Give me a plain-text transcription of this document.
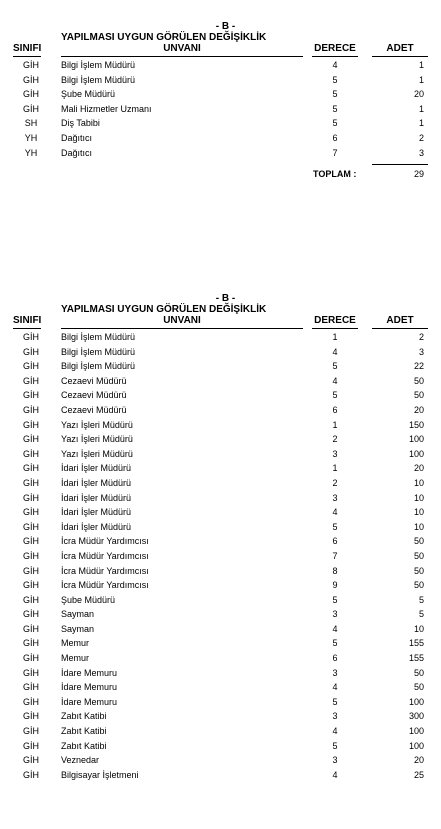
- B -
YAPILMASI UYGUN GÖRÜLEN DEĞİŞİKLİK
SINIFI	UNVANI	DERECE	ADET
GİH	Bilgi İşlem Müdürü	4	1
GİH	Bilgi İşlem Müdürü	5	1
GİH	Şube Müdürü	5	20
GİH	Mali Hizmetler Uzmanı	5	1
SH	Diş Tabibi	5	1
YH	Dağıtıcı	6	2
YH	Dağıtıcı	7	3
TOPLAM :	29
- B -
YAPILMASI UYGUN GÖRÜLEN DEĞİŞİKLİK
SINIFI	UNVANI	DERECE	ADET
GİH	Bilgi İşlem Müdürü	1	2
GİH	Bilgi İşlem Müdürü	4	3
GİH	Bilgi İşlem Müdürü	5	22
GİH	Cezaevi Müdürü	4	50
GİH	Cezaevi Müdürü	5	50
GİH	Cezaevi Müdürü	6	20
GİH	Yazı İşleri Müdürü	1	150
GİH	Yazı İşleri Müdürü	2	100
GİH	Yazı İşleri Müdürü	3	100
GİH	İdari İşler Müdürü	1	20
GİH	İdari İşler Müdürü	2	10
GİH	İdari İşler Müdürü	3	10
GİH	İdari İşler Müdürü	4	10
GİH	İdari İşler Müdürü	5	10
GİH	İcra Müdür Yardımcısı	6	50
GİH	İcra Müdür Yardımcısı	7	50
GİH	İcra Müdür Yardımcısı	8	50
GİH	İcra Müdür Yardımcısı	9	50
GİH	Şube Müdürü	5	5
GİH	Sayman	3	5
GİH	Sayman	4	10
GİH	Memur	5	155
GİH	Memur	6	155
GİH	İdare Memuru	3	50
GİH	İdare Memuru	4	50
GİH	İdare Memuru	5	100
GİH	Zabıt Katibi	3	300
GİH	Zabıt Katibi	4	100
GİH	Zabıt Katibi	5	100
GİH	Veznedar	3	20
GİH	Bilgisayar İşletmeni	4	25
